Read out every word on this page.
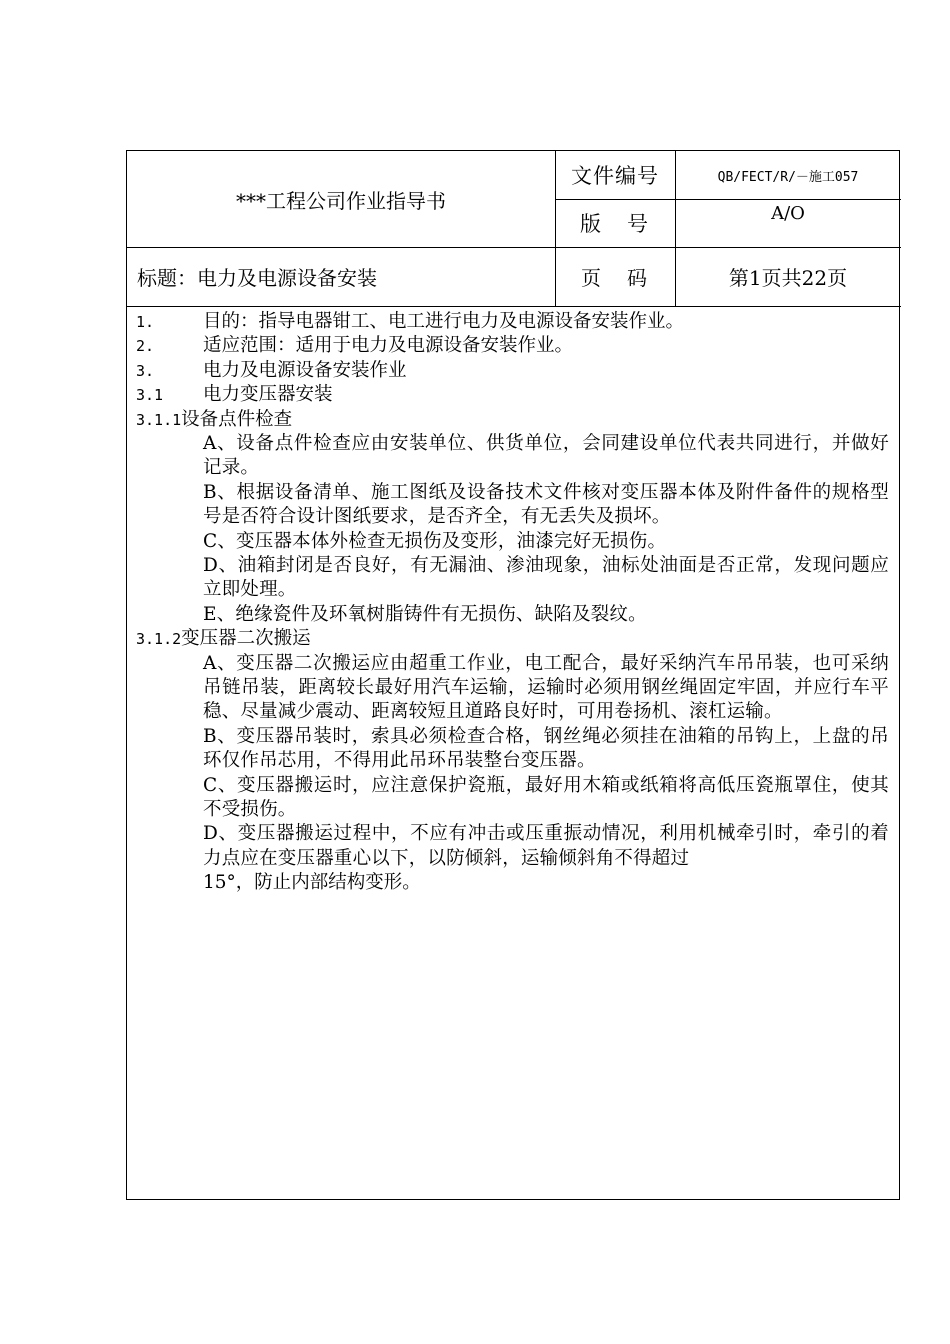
***工程公司作业指导书
文件编号	QB/FECT/R/－施工057
版号	A/O
标题：电力及电源设备安装	页码	第1页共22页
1.	目的：指导电器钳工、电工进行电力及电源设备安装作业。
2.	适应范围：适用于电力及电源设备安装作业。
3.	电力及电源设备安装作业
3.1 电力变压器安装
3.1.1设备点件检查
A、设备点件检查应由安装单位、供货单位，会同建设单位代表共同进行，并做好记录。
B、根据设备清单、施工图纸及设备技术文件核对变压器本体及附件备件的规格型号是否符合设计图纸要求，是否齐全，有无丢失及损坏。
C、变压器本体外检查无损伤及变形，油漆完好无损伤。
D、油箱封闭是否良好，有无漏油、渗油现象，油标处油面是否正常，发现问题应立即处理。
E、绝缘瓷件及环氧树脂铸件有无损伤、缺陷及裂纹。
3.1.2变压器二次搬运
A、变压器二次搬运应由超重工作业，电工配合，最好采纳汽车吊吊装，也可采纳吊链吊装，距离较长最好用汽车运输，运输时必须用钢丝绳固定牢固，并应行车平稳、尽量减少震动、距离较短且道路良好时，可用卷扬机、滚杠运输。
B、变压器吊装时，索具必须检查合格，钢丝绳必须挂在油箱的吊钩上，上盘的吊环仅作吊芯用，不得用此吊环吊装整台变压器。
C、变压器搬运时，应注意保护瓷瓶，最好用木箱或纸箱将高低压瓷瓶罩住，使其不受损伤。
D、变压器搬运过程中，不应有冲击或压重振动情况，利用机械牵引时，牵引的着力点应在变压器重心以下，以防倾斜，运输倾斜角不得超过
15°，防止内部结构变形。
